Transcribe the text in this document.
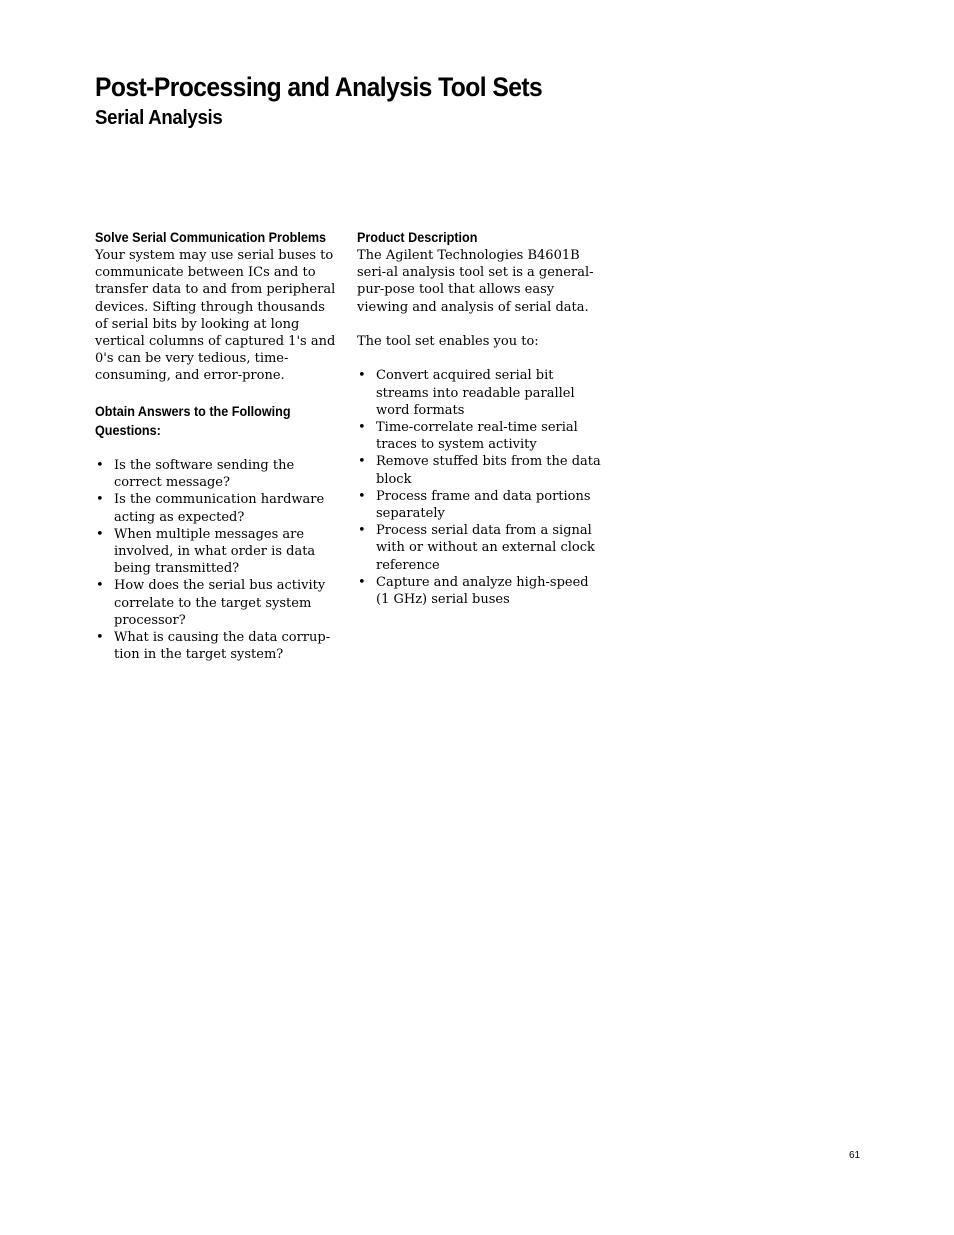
Post-Processing and Analysis Tool Sets
Serial Analysis
Solve Serial Communication Problems

Your system may use serial buses to communicate between ICs and to transfer data to and from peripheral devices. Sifting through thousands of serial bits by looking at long vertical columns of captured 1's and 0's can be very tedious, time-consuming, and error-prone.

Obtain Answers to the Following Questions:
• Is the software sending the correct message?
• Is the communication hardware acting as expected?
• When multiple messages are involved, in what order is data being transmitted?
• How does the serial bus activity correlate to the target system processor?
• What is causing the data corrup-tion in the target system?
Product Description

The Agilent Technologies B4601B seri-al analysis tool set is a general-pur-pose tool that allows easy viewing and analysis of serial data.

The tool set enables you to:

• Convert acquired serial bit streams into readable parallel word formats
• Time-correlate real-time serial traces to system activity
• Remove stuffed bits from the data block
• Process frame and data portions separately
• Process serial data from a signal with or without an external clock reference
• Capture and analyze high-speed (1 GHz) serial buses
61
